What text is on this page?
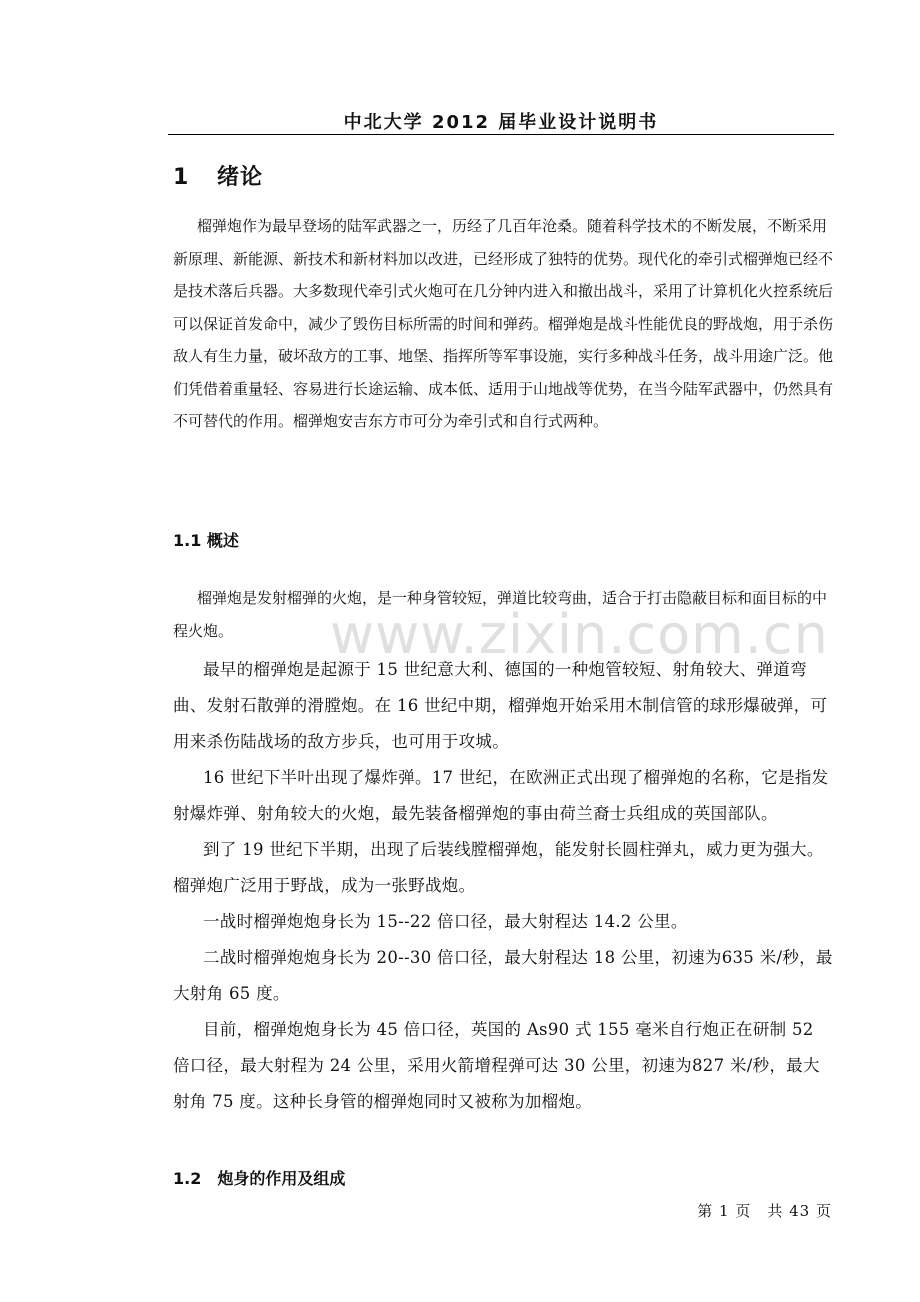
中北大学 2012 届毕业设计说明书
1 绪论

榴弹炮作为最早登场的陆军武器之一，历经了几百年沧桑。随着科学技术的不断发展，不断采用新原理、新能源、新技术和新材料加以改进，已经形成了独特的优势。现代化的牵引式榴弹炮已经不是技术落后兵器。大多数现代牵引式火炮可在几分钟内进入和撤出战斗，采用了计算机化火控系统后可以保证首发命中，减少了毁伤目标所需的时间和弹药。榴弹炮是战斗性能优良的野战炮，用于杀伤敌人有生力量，破坏敌方的工事、地堡、指挥所等军事设施，实行多种战斗任务，战斗用途广泛。他们凭借着重量轻、容易进行长途运输、成本低、适用于山地战等优势，在当今陆军武器中，仍然具有不可替代的作用。榴弹炮安吉东方市可分为牵引式和自行式两种。

1.1 概述

榴弹炮是发射榴弹的火炮，是一种身管较短，弹道比较弯曲，适合于打击隐蔽目标和面目标的中程火炮。	www.zixin.com.cn

最早的榴弹炮是起源于 15 世纪意大利、德国的一种炮管较短、射角较大、弹道弯曲、发射石散弹的滑膛炮。在 16 世纪中期，榴弹炮开始采用木制信管的球形爆破弹，可用来杀伤陆战场的敌方步兵，也可用于攻城。

16 世纪下半叶出现了爆炸弹。17 世纪，在欧洲正式出现了榴弹炮的名称，它是指发射爆炸弹、射角较大的火炮，最先装备榴弹炮的事由荷兰裔士兵组成的英国部队。

到了 19 世纪下半期，出现了后装线膛榴弹炮，能发射长圆柱弹丸，威力更为强大。榴弹炮广泛用于野战，成为一张野战炮。

一战时榴弹炮炮身长为 15--22 倍口径，最大射程达 14.2 公里。

二战时榴弹炮炮身长为 20--30 倍口径，最大射程达 18 公里，初速为635 米/秒，最大射角 65 度。

目前，榴弹炮炮身长为 45 倍口径，英国的 As90 式 155 毫米自行炮正在研制 52 倍口径，最大射程为 24 公里，采用火箭增程弹可达 30 公里，初速为827 米/秒，最大射角 75 度。这种长身管的榴弹炮同时又被称为加榴炮。

1.2　炮身的作用及组成
第 1 页　共 43 页
